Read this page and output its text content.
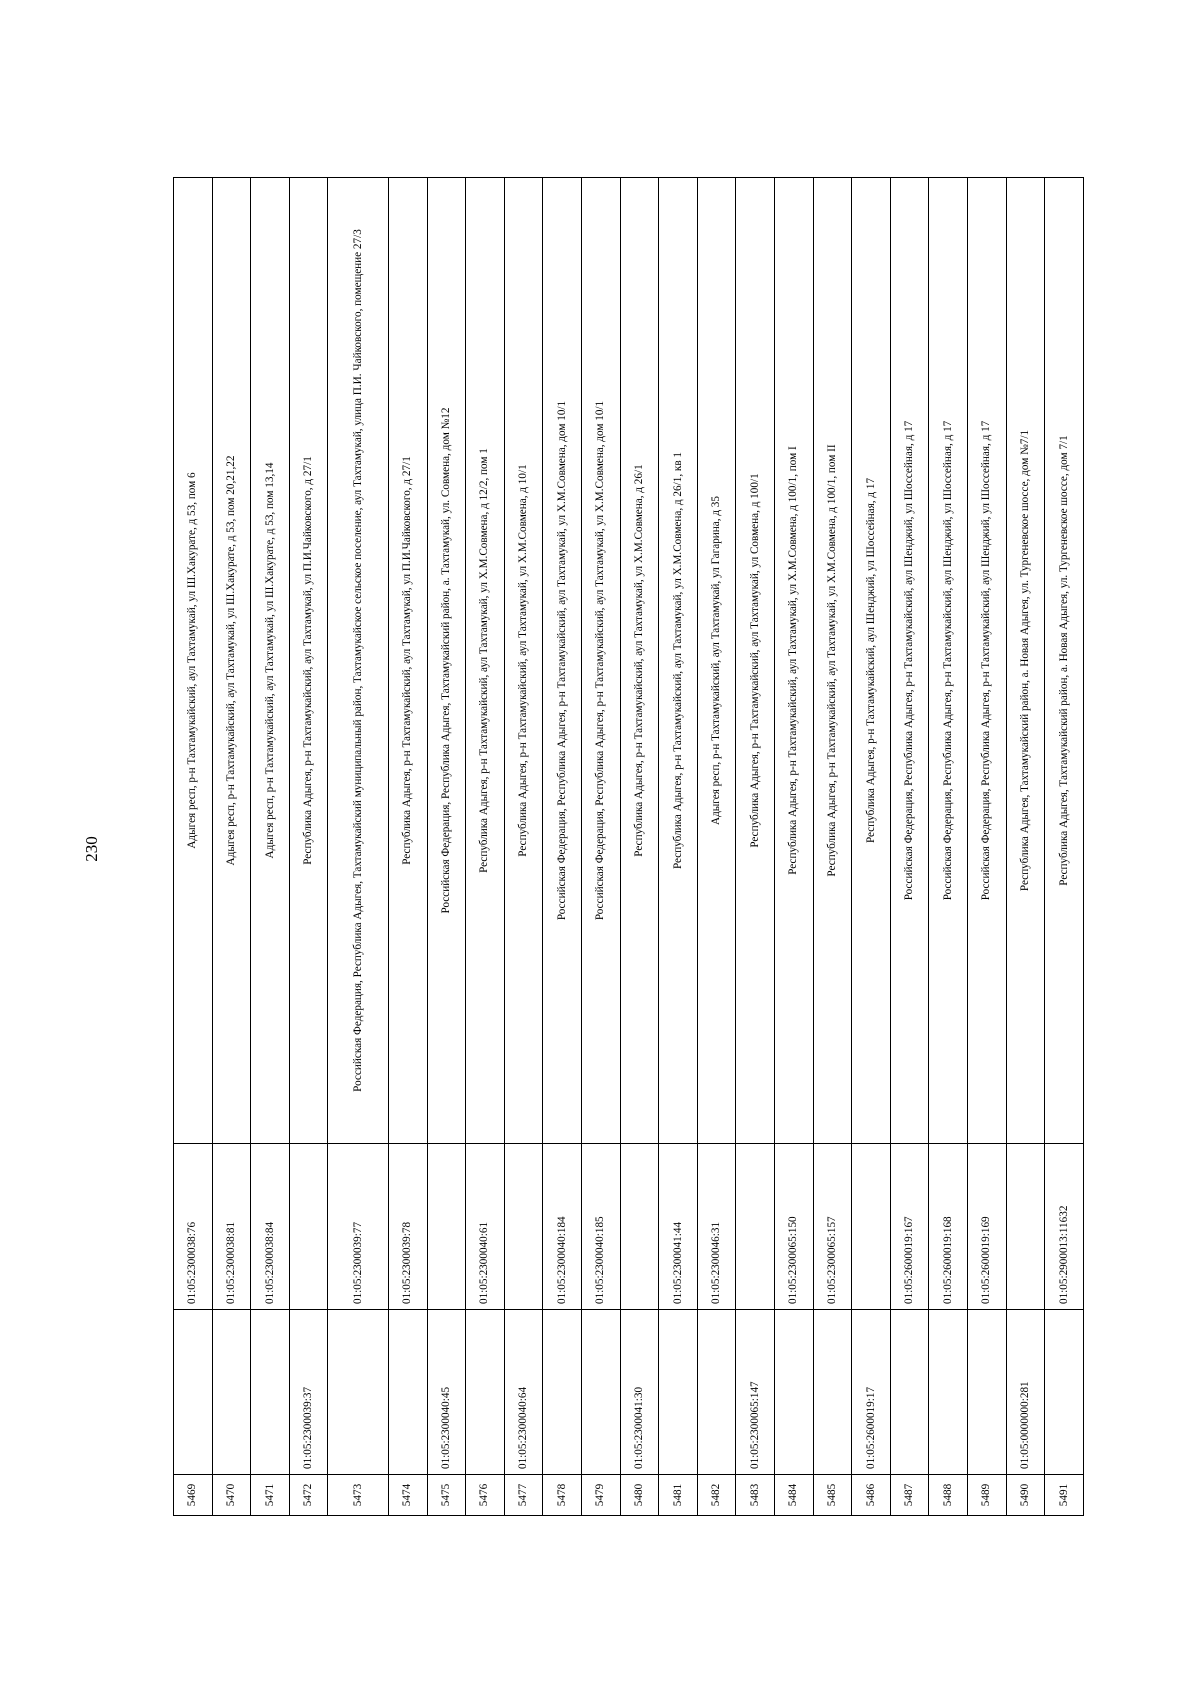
230
5469		01:05:2300038:76	Адыгея респ, р-н Тахтамукайский, аул Тахтамукай, ул Ш.Хакурате, д 53, пом 6
5470		01:05:2300038:81	Адыгея респ, р-н Тахтамукайский, аул Тахтамукай, ул Ш.Хакурате, д 53, пом 20,21,22
5471		01:05:2300038:84	Адыгея респ, р-н Тахтамукайский, аул Тахтамукай, ул Ш.Хакурате, д 53, пом 13,14
5472	01:05:2300039:37		Республика Адыгея, р-н Тахтамукайский, аул Тахтамукай, ул П.И.Чайковского, д 27/1
5473		01:05:2300039:77	Российская Федерация, Республика Адыгея, Тахтамукайский муниципальный район, Тахтамукайское сельское поселение, аул Тахтамукай, улица П.И. Чайковского, помещение 27/3
5474		01:05:2300039:78	Республика Адыгея, р-н Тахтамукайский, аул Тахтамукай, ул П.И.Чайковского, д 27/1
5475	01:05:2300040:45		Российская Федерация, Республика Адыгея, Тахтамукайский район, а. Тахтамукай, ул. Совмена, дом №12
5476		01:05:2300040:61	Республика Адыгея, р-н Тахтамукайский, аул Тахтамукай, ул Х.М.Совмена, д 12/2, пом 1
5477	01:05:2300040:64		Республика Адыгея, р-н Тахтамукайский, аул Тахтамукай, ул Х.М.Совмена, д 10/1
5478		01:05:2300040:184	Российская Федерация, Республика Адыгея, р-н Тахтамукайский, аул Тахтамукай, ул Х.М.Совмена, дом 10/1
5479		01:05:2300040:185	Российская Федерация, Республика Адыгея, р-н Тахтамукайский, аул Тахтамукай, ул Х.М.Совмена, дом 10/1
5480	01:05:2300041:30		Республика Адыгея, р-н Тахтамукайский, аул Тахтамукай, ул Х.М.Совмена, д 26/1
5481		01:05:2300041:44	Республика Адыгея, р-н Тахтамукайский, аул Тахтамукай, ул Х.М.Совмена, д 26/1, кв 1
5482		01:05:2300046:31	Адыгея респ, р-н Тахтамукайский, аул Тахтамукай, ул Гагарина, д 35
5483	01:05:2300065:147		Республика Адыгея, р-н Тахтамукайский, аул Тахтамукай, ул Совмена, д 100/1
5484		01:05:2300065:150	Республика Адыгея, р-н Тахтамукайский, аул Тахтамукай, ул Х.М.Совмена, д 100/1, пом I
5485		01:05:2300065:157	Республика Адыгея, р-н Тахтамукайский, аул Тахтамукай, ул Х.М.Совмена, д 100/1, пом II
5486	01:05:2600019:17		Республика Адыгея, р-н Тахтамукайский, аул Шенджий, ул Шоссейная, д 17
5487		01:05:2600019:167	Российская Федерация, Республика Адыгея, р-н Тахтамукайский, аул Шенджий, ул Шоссейная, д 17
5488		01:05:2600019:168	Российская Федерация, Республика Адыгея, р-н Тахтамукайский, аул Шенджий, ул Шоссейная, д 17
5489		01:05:2600019:169	Российская Федерация, Республика Адыгея, р-н Тахтамукайский, аул Шенджий, ул Шоссейная, д 17
5490	01:05:0000000:281		Республика Адыгея, Тахтамукайский район, а. Новая Адыгея, ул. Тургеневское шоссе, дом №7/1
5491		01:05:2900013:11632	Республика Адыгея, Тахтамукайский район, а. Новая Адыгея, ул. Тургеневское шоссе, дом 7/1
